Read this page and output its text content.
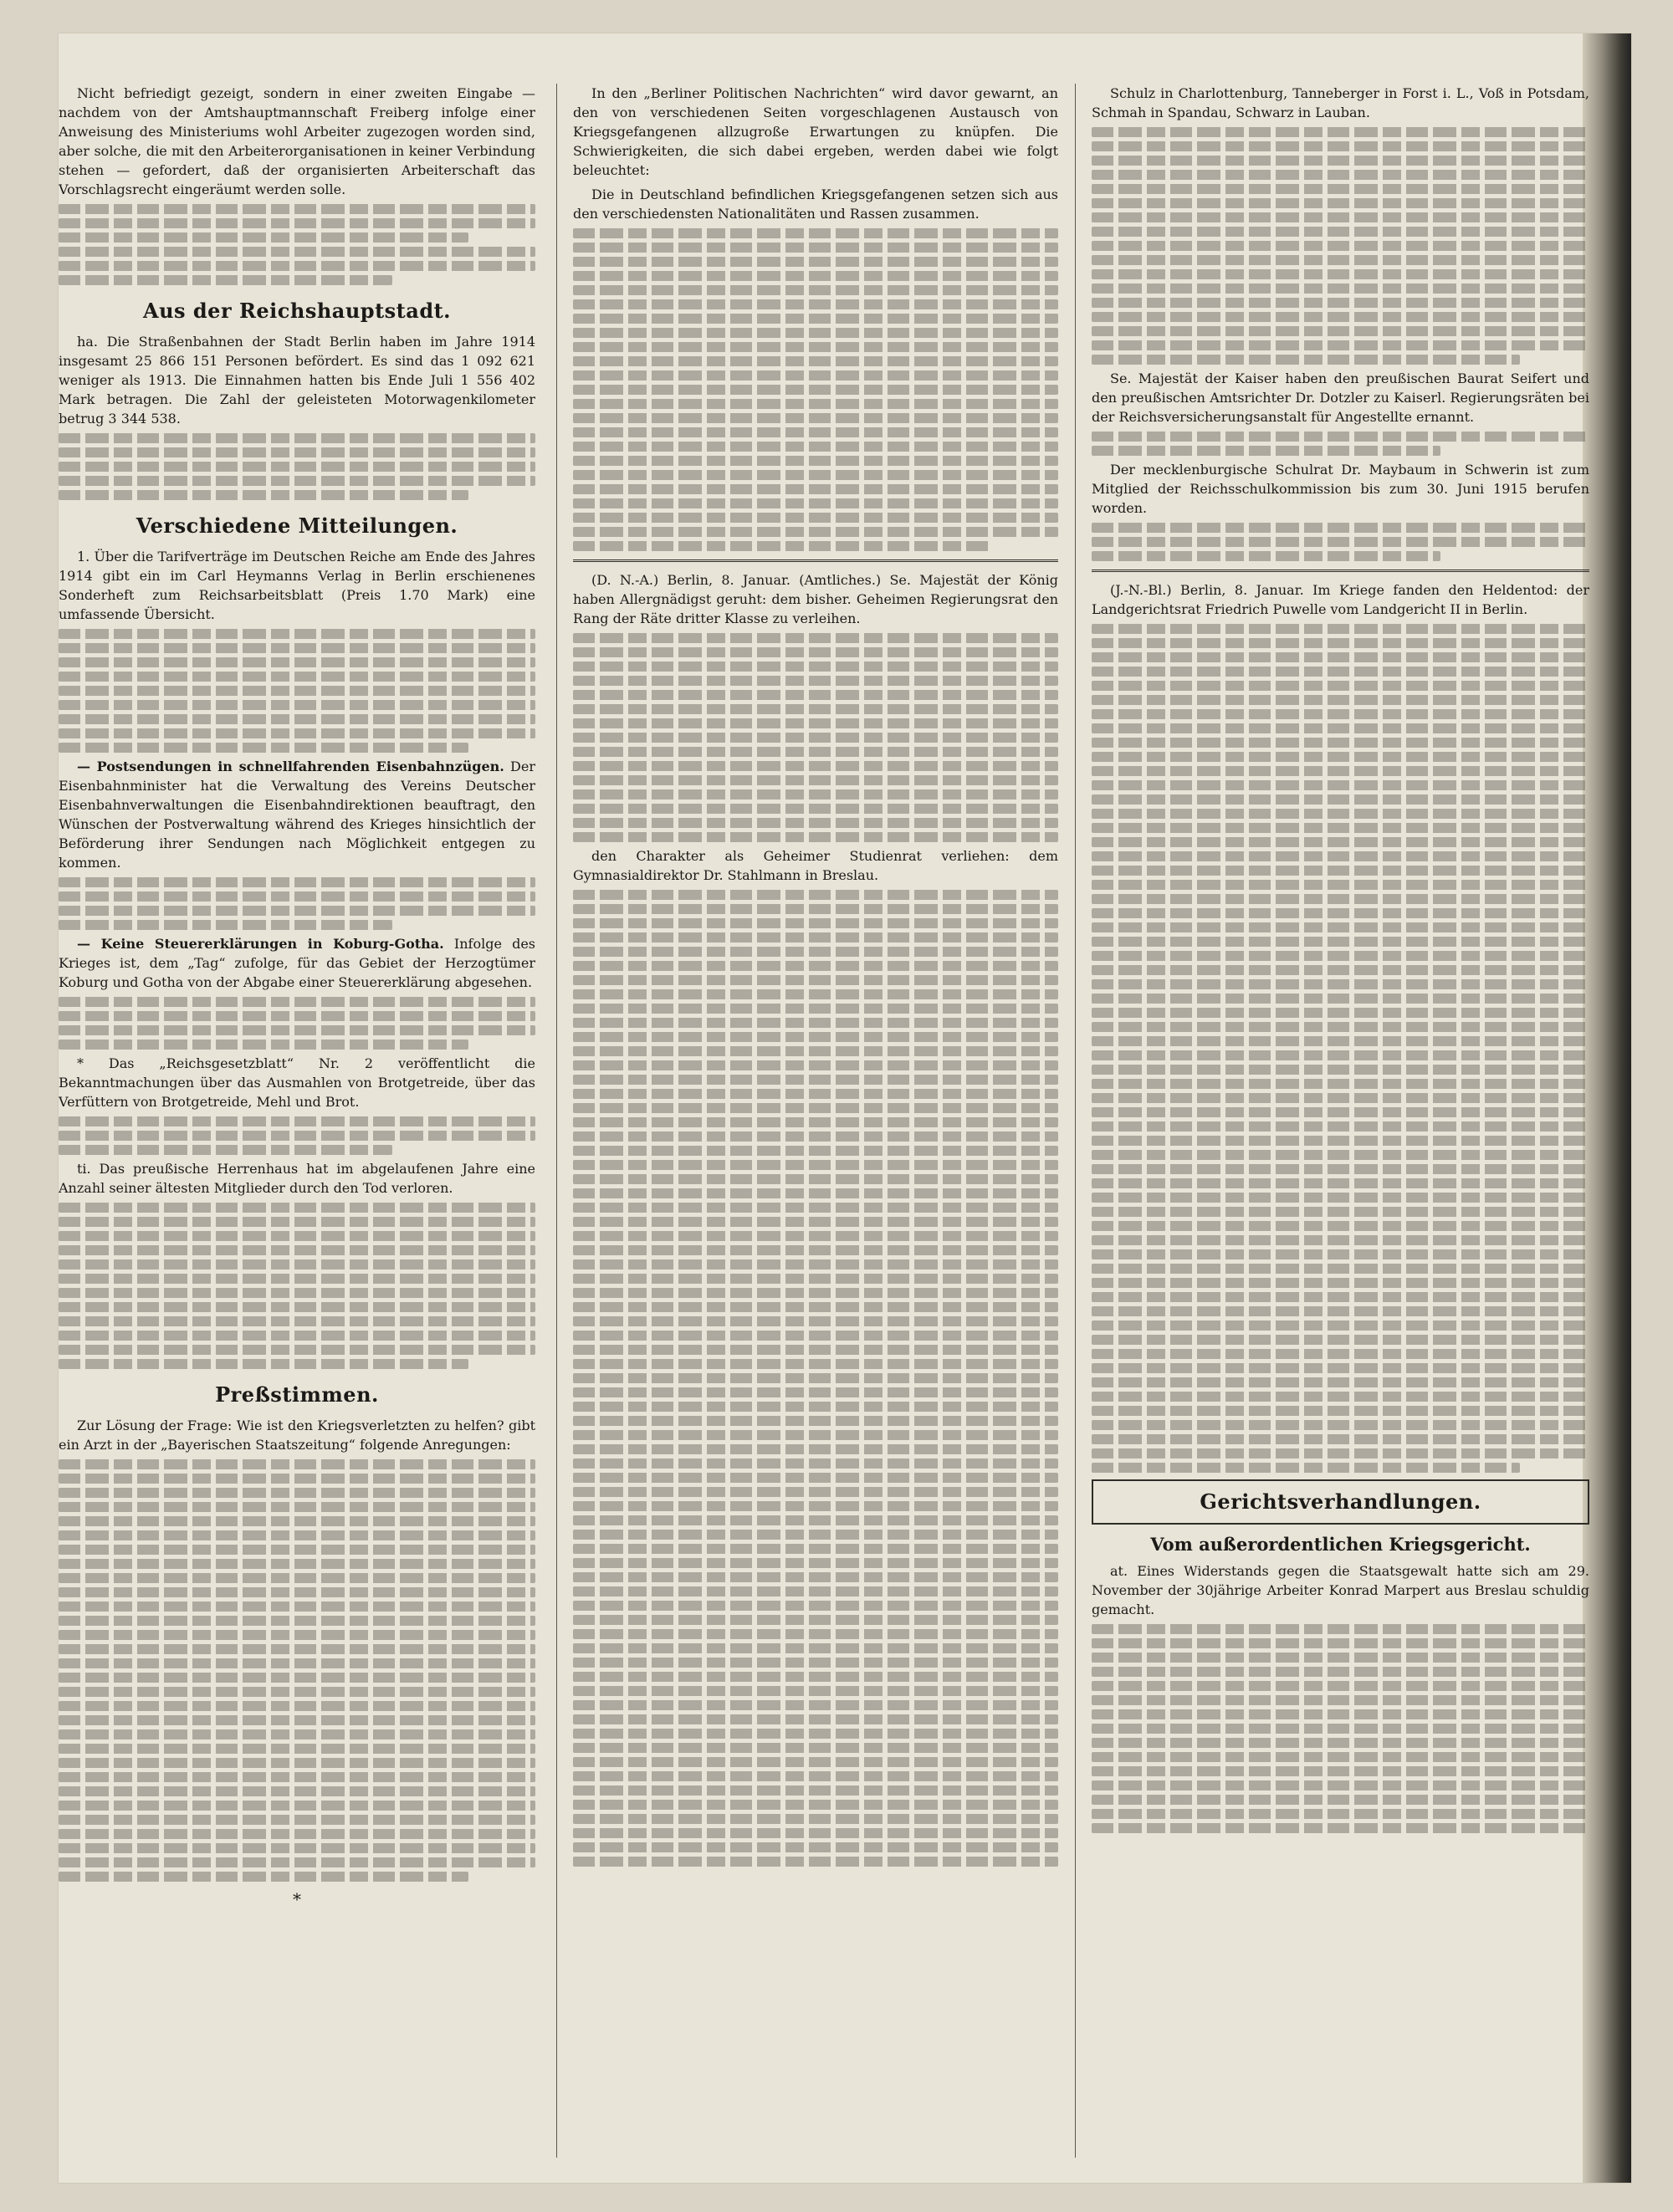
Nicht befriedigt gezeigt, sondern in einer zweiten Eingabe — nachdem von der Amtshauptmannschaft Freiberg infolge einer Anweisung des Ministeriums wohl Arbeiter zugezogen worden sind, aber solche, die mit den Arbeiterorganisationen in keiner Verbindung stehen — gefordert, daß der organisierten Arbeiterschaft das Vorschlagsrecht eingeräumt werden solle.

Aus der Reichshauptstadt.

ha. Die Straßenbahnen der Stadt Berlin haben im Jahre 1914 insgesamt 25 866 151 Personen befördert. Es sind das 1 092 621 weniger als 1913. Die Einnahmen hatten bis Ende Juli 1 556 402 Mark betragen. Die Zahl der geleisteten Motorwagenkilometer betrug 3 344 538.

Verschiedene Mitteilungen.

1. Über die Tarifverträge im Deutschen Reiche am Ende des Jahres 1914 gibt ein im Carl Heymanns Verlag in Berlin erschienenes Sonderheft zum Reichsarbeitsblatt (Preis 1.70 Mark) eine umfassende Übersicht.

— Postsendungen in schnellfahrenden Eisenbahnzügen. Der Eisenbahnminister hat die Verwaltung des Vereins Deutscher Eisenbahnverwaltungen die Eisenbahndirektionen beauftragt, den Wünschen der Postverwaltung während des Krieges hinsichtlich der Beförderung ihrer Sendungen nach Möglichkeit entgegen zu kommen.

— Keine Steuererklärungen in Koburg-Gotha. Infolge des Krieges ist, dem „Tag“ zufolge, für das Gebiet der Herzogtümer Koburg und Gotha von der Abgabe einer Steuererklärung abgesehen.

* Das „Reichsgesetzblatt“ Nr. 2 veröffentlicht die Bekanntmachungen über das Ausmahlen von Brotgetreide, über das Verfüttern von Brotgetreide, Mehl und Brot.

ti. Das preußische Herrenhaus hat im abgelaufenen Jahre eine Anzahl seiner ältesten Mitglieder durch den Tod verloren.

Preßstimmen.

Zur Lösung der Frage: Wie ist den Kriegsverletzten zu helfen? gibt ein Arzt in der „Bayerischen Staatszeitung“ folgende Anregungen:

*

In den „Berliner Politischen Nachrichten“ wird davor gewarnt, an den von verschiedenen Seiten vorgeschlagenen Austausch von Kriegsgefangenen allzugroße Erwartungen zu knüpfen. Die Schwierigkeiten, die sich dabei ergeben, werden dabei wie folgt beleuchtet:

Die in Deutschland befindlichen Kriegsgefangenen setzen sich aus den verschiedensten Nationalitäten und Rassen zusammen.

(D. N.-A.) Berlin, 8. Januar. (Amtliches.) Se. Majestät der König haben Allergnädigst geruht: dem bisher. Geheimen Regierungsrat den Rang der Räte dritter Klasse zu verleihen.

den Charakter als Geheimer Studienrat verliehen: dem Gymnasialdirektor Dr. Stahlmann in Breslau.

Schulz in Charlottenburg, Tanneberger in Forst i. L., Voß in Potsdam, Schmah in Spandau, Schwarz in Lauban.

Se. Majestät der Kaiser haben den preußischen Baurat Seifert und den preußischen Amtsrichter Dr. Dotzler zu Kaiserl. Regierungsräten bei der Reichsversicherungsanstalt für Angestellte ernannt.

Der mecklenburgische Schulrat Dr. Maybaum in Schwerin ist zum Mitglied der Reichsschulkommission bis zum 30. Juni 1915 berufen worden.

(J.-N.-Bl.) Berlin, 8. Januar. Im Kriege fanden den Heldentod: der Landgerichtsrat Friedrich Puwelle vom Landgericht II in Berlin.

Gerichtsverhandlungen.
Vom außerordentlichen Kriegsgericht.

at. Eines Widerstands gegen die Staatsgewalt hatte sich am 29. November der 30jährige Arbeiter Konrad Marpert aus Breslau schuldig gemacht.
